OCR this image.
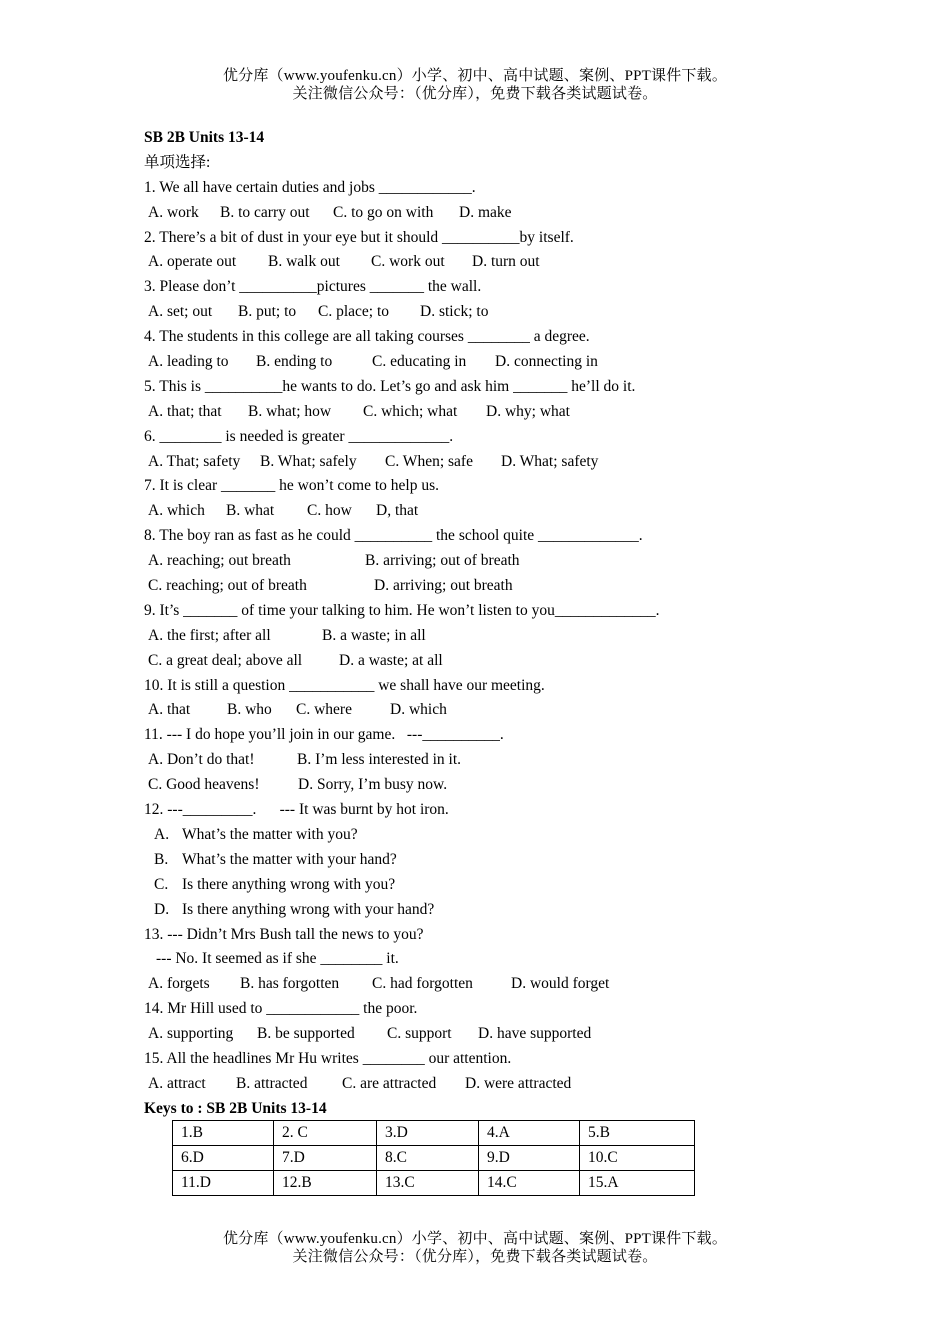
优分库（www.youfenku.cn）小学、初中、高中试题、案例、PPT课件下载。
关注微信公众号：（优分库），免费下载各类试题试卷。
SB 2B Units 13-14
单项选择:
1. We all have certain duties and jobs ____________.
A. work B. to carry out C. to go on with D. make
2. There’s a bit of dust in your eye but it should __________by itself.
A. operate out B. walk out C. work out D. turn out
3. Please don’t __________pictures _______ the wall.
A. set; out B. put; to C. place; to D. stick; to
4. The students in this college are all taking courses ________ a degree.
A. leading to B. ending to	C. educating in D. connecting in
5. This is __________he wants to do. Let’s go and ask him _______ he’ll do it.
A. that; that B. what; how C. which; what D. why; what
6. ________ is needed is greater _____________.
A. That; safety B. What; safely C. When; safe D. What; safety
7. It is clear _______ he won’t come to help us.
A. which B. what C. how D, that
8. The boy ran as fast as he could __________ the school quite _____________.
A. reaching; out breath	B. arriving; out of breath
C. reaching; out of breath	D. arriving; out breath
9. It’s _______ of time your talking to him. He won’t listen to you_____________.
A. the first; after all	B. a waste; in all
C. a great deal; above all D. a waste; at all
10. It is still a question ___________ we shall have our meeting.
A. that B. who C. where D. which
11. --- I do hope you’ll join in our game.   ---__________.
A. Don’t do that!	B. I’m less interested in it.
C. Good heavens! D. Sorry, I’m busy now.
12. ---_________.      --- It was burnt by hot iron.
A. What’s the matter with you?
B. What’s the matter with your hand?
C. Is there anything wrong with you?
D. Is there anything wrong with your hand?
13. --- Didn’t Mrs Bush tall the news to you?
--- No. It seemed as if she ________ it.
A. forgets B. has forgotten C. had forgotten D. would forget
14. Mr Hill used to ____________ the poor.
A. supporting B. be supported C. support D. have supported
15. All the headlines Mr Hu writes ________ our attention.
A. attract B. attracted C. are attracted D. were attracted
Keys to : SB 2B Units 13-14
1.B	2. C	3.D	4.A	5.B
6.D	7.D	8.C	9.D	10.C
11.D	12.B	13.C	14.C	15.A
优分库（www.youfenku.cn）小学、初中、高中试题、案例、PPT课件下载。
关注微信公众号：（优分库），免费下载各类试题试卷。
